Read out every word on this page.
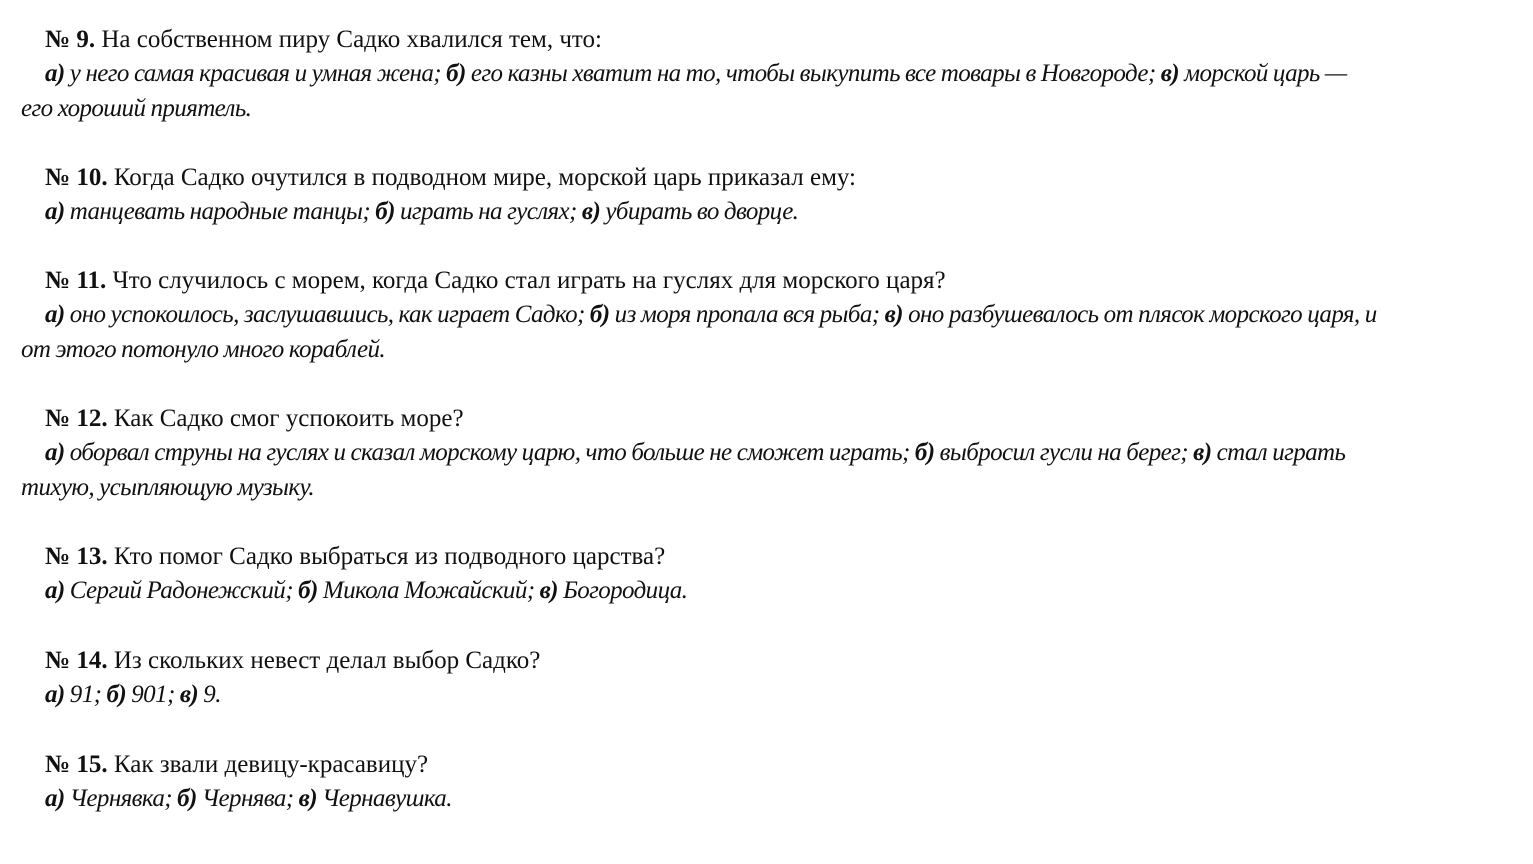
№ 9. На собственном пиру Садко хвалился тем, что:
а) у него самая красивая и умная жена; б) его казны хватит на то, чтобы выкупить все товары в Новгороде; в) морской царь — его хороший приятель.
№ 10. Когда Садко очутился в подводном мире, морской царь приказал ему:
а) танцевать народные танцы; б) играть на гуслях; в) убирать во дворце.
№ 11. Что случилось с морем, когда Садко стал играть на гуслях для морского царя?
а) оно успокоилось, заслушавшись, как играет Садко; б) из моря пропала вся рыба; в) оно разбушевалось от плясок морского царя, и от этого потонуло много кораблей.
№ 12. Как Садко смог успокоить море?
а) оборвал струны на гуслях и сказал морскому царю, что больше не сможет играть; б) выбросил гусли на берег; в) стал играть тихую, усыпляющую музыку.
№ 13. Кто помог Садко выбраться из подводного царства?
а) Сергий Радонежский; б) Микола Можайский; в) Богородица.
№ 14. Из скольких невест делал выбор Садко?
а) 91; б) 901; в) 9.
№ 15. Как звали девицу-красавицу?
а) Чернявка; б) Чернява; в) Чернавушка.
